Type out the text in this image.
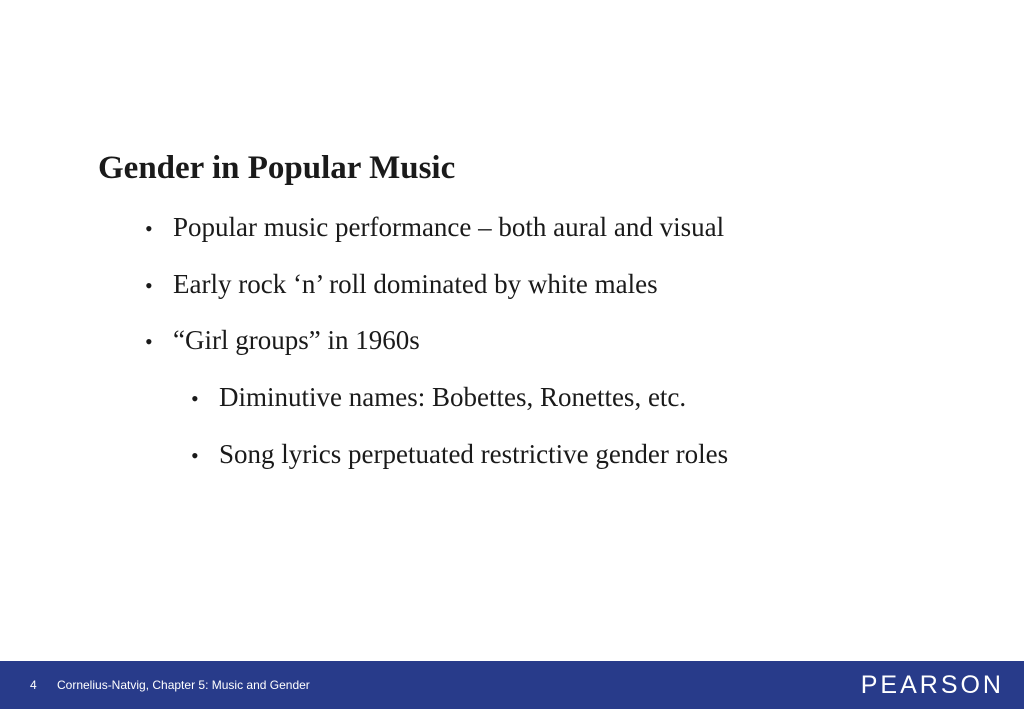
Gender in Popular Music
• Popular music performance – both aural and visual
• Early rock ‘n’ roll dominated by white males
• “Girl groups” in 1960s
• Diminutive names: Bobettes, Ronettes, etc.
• Song lyrics perpetuated restrictive gender roles
4 Cornelius-Natvig, Chapter 5: Music and Gender	PEARSON
